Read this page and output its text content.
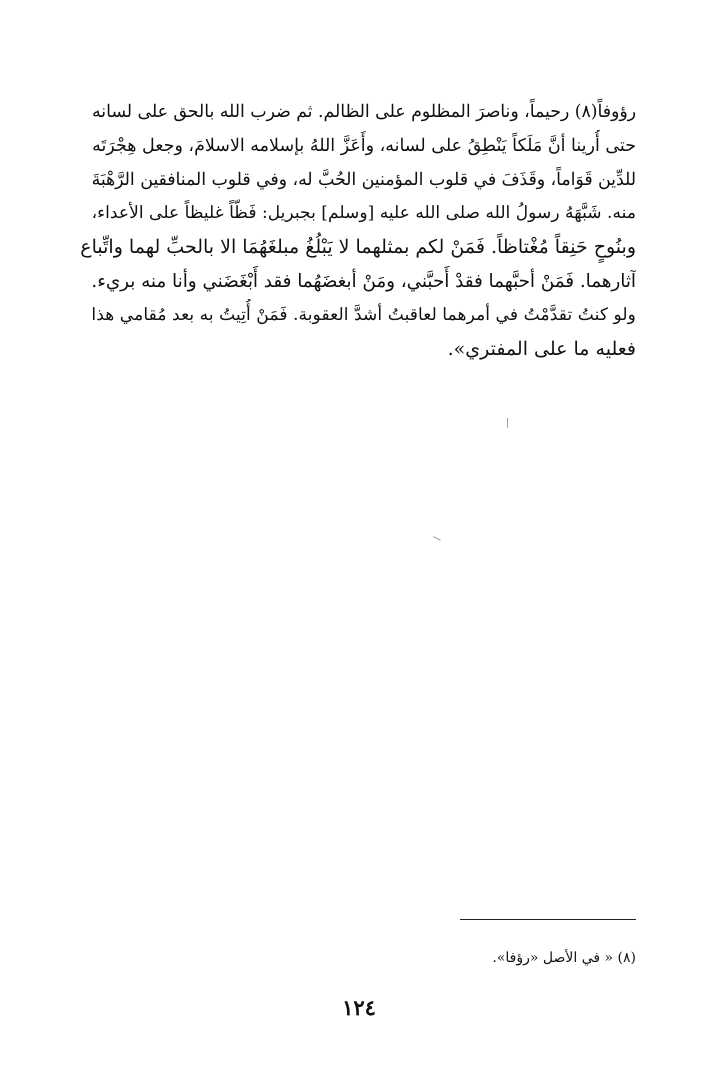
رؤوفاً(٨) رحيماً، وناصرَ المظلوم على الظالم. ثم ضرب الله بالحق على لسانه
حتى أُرينا أنَّ مَلَكاً يَنْطِقُ على لسانه، وأَعَزَّ اللهُ بإسلامه الاسلامَ، وجعل هِجْرَتَه
للدِّين قَوَاماً، وقَذَفَ في قلوب المؤمنين الحُبَّ له، وفي قلوب المنافقين الرَّهْبَةَ
منه. شَبَّهَهُ رسولُ الله صلى الله عليه [وسلم] بجبريل: فَظّاً غليظاً على الأعداء،
وبنُوحٍ حَنِقاً مُغْتاظاً. فَمَنْ لكم بمثلهما لا يَبْلُغُ مبلغَهُمَا الا بالحبِّ لهما واتِّباع
آثارهما. فَمَنْ أحبَّهما فقدْ أَحبَّني، ومَنْ أبغضَهُما فقد أَبْغَضَني وأنا منه بريء.
ولو كنتُ تقدَّمْتُ في أمرهما لعاقبتُ أشدَّ العقوبة. فَمَنْ أُتِيتُ به بعد مُقامي هذا
فعليه ما على المفتري».
(٨) « في الأصل «رؤفا».
١٢٤
